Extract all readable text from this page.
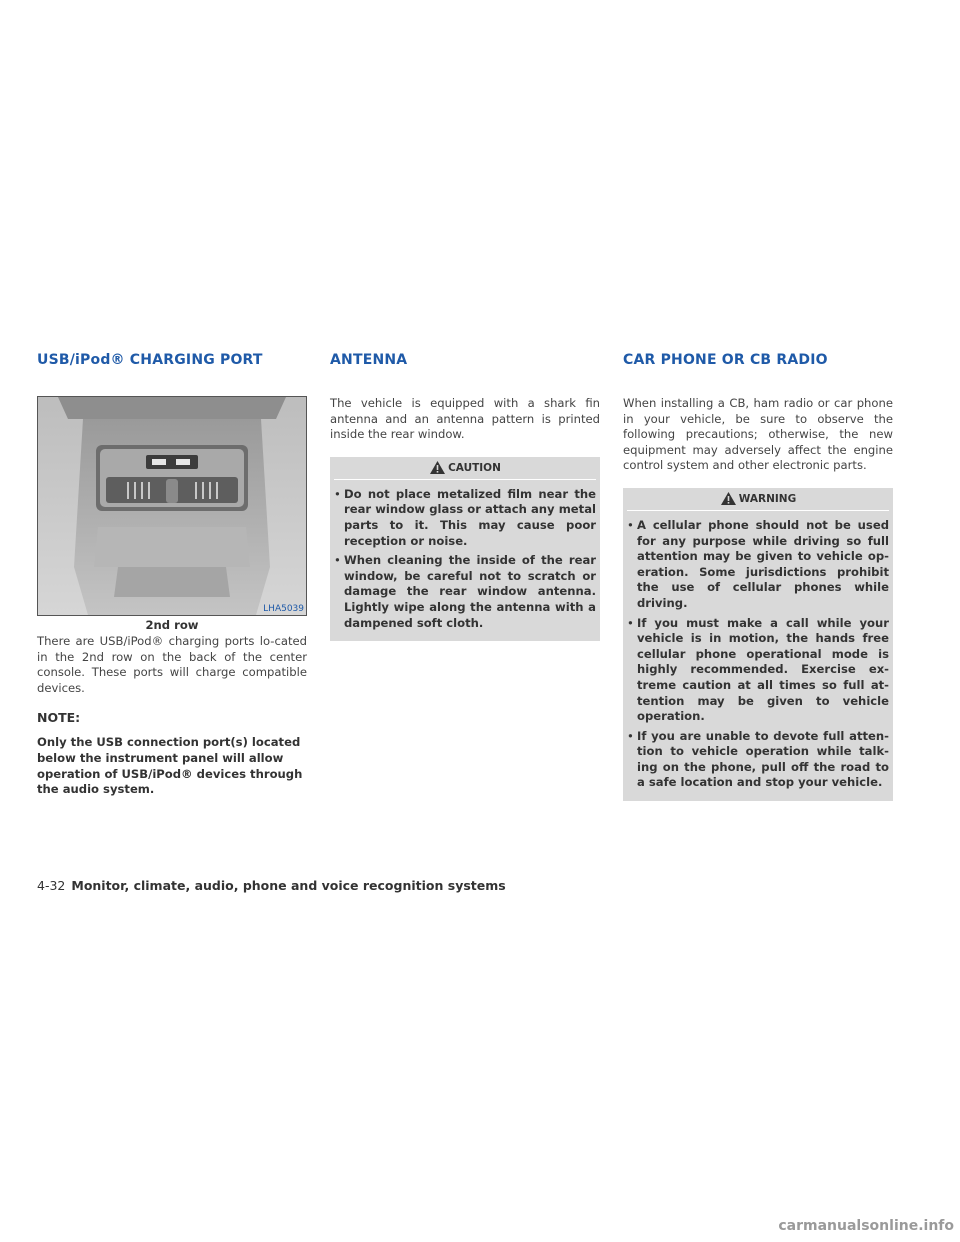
USB/iPod® CHARGING PORT
LHA5039
2nd row

There are USB/iPod® charging ports lo-cated in the 2nd row on the back of the center console. These ports will charge compatible devices.

NOTE:

Only the USB connection port(s) located below the instrument panel will allow operation of USB/iPod® devices through the audio system.

ANTENNA

The vehicle is equipped with a shark fin antenna and an antenna pattern is printed inside the rear window.

CAUTION
• Do not place metalized film near the rear window glass or attach any metal parts to it. This may cause poor reception or noise.
• When cleaning the inside of the rear window, be careful not to scratch or damage the rear window antenna. Lightly wipe along the antenna with a dampened soft cloth.
CAR PHONE OR CB RADIO

When installing a CB, ham radio or car phone in your vehicle, be sure to observe the following precautions; otherwise, the new equipment may adversely affect the engine control system and other electronic parts.

WARNING
• A cellular phone should not be used for any purpose while driving so full attention may be given to vehicle op-eration. Some jurisdictions prohibit the use of cellular phones while driving.
• If you must make a call while your vehicle is in motion, the hands free cellular phone operational mode is highly recommended. Exercise ex-treme caution at all times so full at-tention may be given to vehicle operation.
• If you are unable to devote full atten-tion to vehicle operation while talk-ing on the phone, pull off the road to a safe location and stop your vehicle.
4-32 Monitor, climate, audio, phone and voice recognition systems
carmanualsonline.info
